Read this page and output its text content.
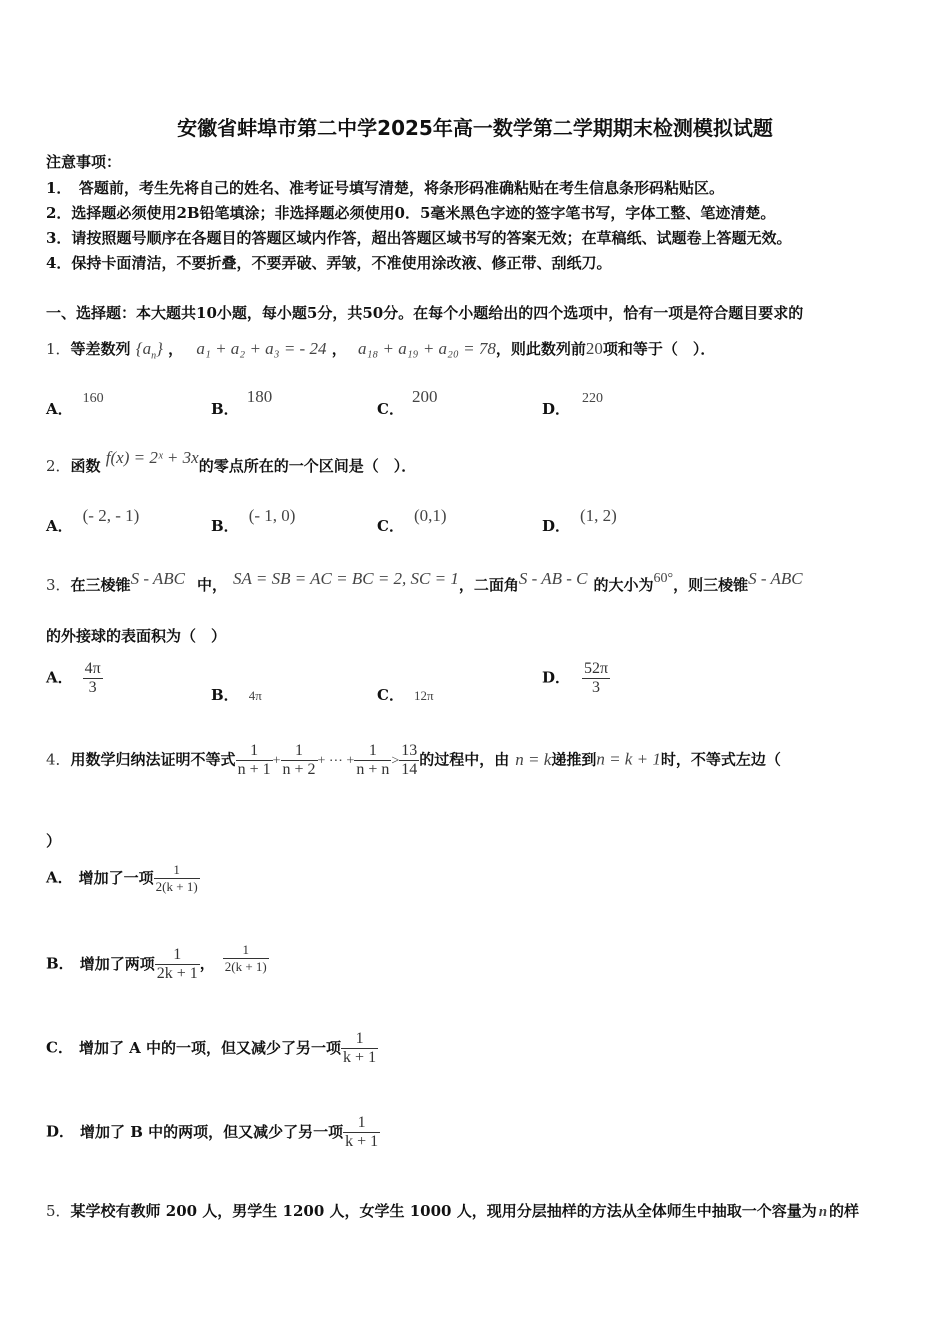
安徽省蚌埠市第二中学2025年高一数学第二学期期末检测模拟试题
注意事项：
1．　答题前，考生先将自己的姓名、准考证号填写清楚，将条形码准确粘贴在考生信息条形码粘贴区。
2．选择题必须使用2B铅笔填涂；非选择题必须使用0．5毫米黑色字迹的签字笔书写，字体工整、笔迹清楚。
3．请按照题号顺序在各题目的答题区域内作答，超出答题区域书写的答案无效；在草稿纸、试题卷上答题无效。
4．保持卡面清洁，不要折叠，不要弄破、弄皱，不准使用涂改液、修正带、刮纸刀。
一、选择题：本大题共10小题，每小题5分，共50分。在每个小题给出的四个选项中，恰有一项是符合题目要求的
1．等差数列 $\{a_n\}$ ， a₁ + a₂ + a₃ = - 24 ， a₁₈ + a₁₉ + a₂₀ = 78，则此数列前20项和等于（　）．
A．160
B．180
C．200
D．220
2．函数 f(x) = 2ˣ + 3x的零点所在的一个区间是（　）．
A．(- 2, - 1)
B．(- 1, 0)
C．(0,1)
D．(1, 2)
3．在三棱锥S - ABC 中， SA = SB = AC = BC = 2, SC = 1，二面角S - AB - C 的大小为60°，则三棱锥S - ABC
的外接球的表面积为（　）
A． $\frac{4\pi}{3}$	B． 4π	C． 12π
D． $\frac{52\pi}{3}$
4．用数学归纳法证明不等式 $\frac{1}{n + 1} + \frac{1}{n + 2}$ + ⋯ + $\frac{1}{n + n} > \frac{13}{14}$ 的过程中，由 n = k递推到n = k + 1时，不等式左边（
）
A． 增加了一项 $\frac{1}{2(k + 1)}$
B． 增加了两项 $\frac{1}{2k + 1}$ ， $\frac{1}{2(k + 1)}$
C． 增加了 A 中的一项，但又减少了另一项 $\frac{1}{k + 1}$
D． 增加了 B 中的两项，但又减少了另一项 $\frac{1}{k + 1}$
5．某学校有教师 200 人，男学生 1200 人，女学生 1000 人，现用分层抽样的方法从全体师生中抽取一个容量为 n 的样
